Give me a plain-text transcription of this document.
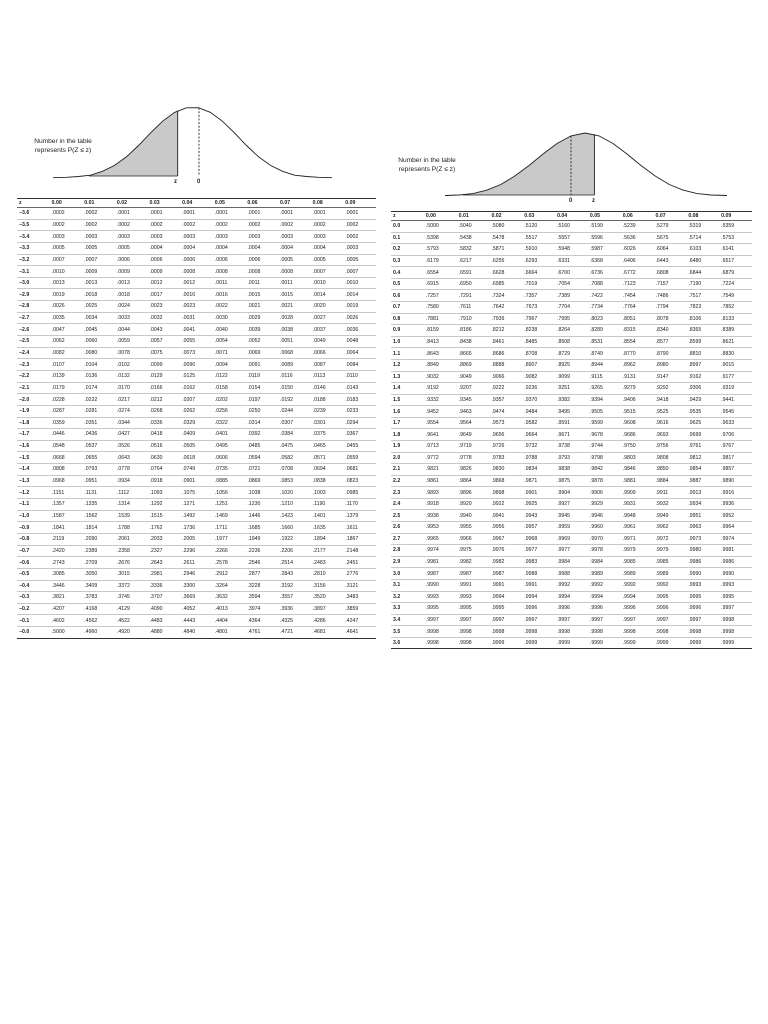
Number in the table represents P(Z ≤ z)
z	0
z	0.00	0.01	0.02	0.03	0.04	0.05	0.06	0.07	0.08	0.09
−3.6	.0002	.0002	.0001	.0001	.0001	.0001	.0001	.0001	.0001	.0001
−3.5	.0002	.0002	.0002	.0002	.0002	.0002	.0002	.0002	.0002	.0002
−3.4	.0003	.0003	.0003	.0003	.0003	.0003	.0003	.0003	.0003	.0002
−3.3	.0005	.0005	.0005	.0004	.0004	.0004	.0004	.0004	.0004	.0003
−3.2	.0007	.0007	.0006	.0006	.0006	.0006	.0006	.0005	.0005	.0005
−3.1	.0010	.0009	.0009	.0009	.0008	.0008	.0008	.0008	.0007	.0007
−3.0	.0013	.0013	.0013	.0012	.0012	.0011	.0011	.0011	.0010	.0010
−2.9	.0019	.0018	.0018	.0017	.0016	.0016	.0015	.0015	.0014	.0014
−2.8	.0026	.0025	.0024	.0023	.0023	.0022	.0021	.0021	.0020	.0019
−2.7	.0035	.0034	.0033	.0032	.0031	.0030	.0029	.0028	.0027	.0026
−2.6	.0047	.0045	.0044	.0043	.0041	.0040	.0039	.0038	.0037	.0036
−2.5	.0062	.0060	.0059	.0057	.0055	.0054	.0052	.0051	.0049	.0048
−2.4	.0082	.0080	.0078	.0075	.0073	.0071	.0069	.0068	.0066	.0064
−2.3	.0107	.0104	.0102	.0099	.0096	.0094	.0091	.0089	.0087	.0084
−2.2	.0139	.0136	.0132	.0129	.0125	.0122	.0119	.0116	.0113	.0110
−2.1	.0179	.0174	.0170	.0166	.0162	.0158	.0154	.0150	.0146	.0143
−2.0	.0228	.0222	.0217	.0212	.0207	.0202	.0197	.0192	.0188	.0183
−1.9	.0287	.0281	.0274	.0268	.0262	.0256	.0250	.0244	.0239	.0233
−1.8	.0359	.0351	.0344	.0336	.0329	.0322	.0314	.0307	.0301	.0294
−1.7	.0446	.0436	.0427	.0418	.0409	.0401	.0392	.0384	.0375	.0367
−1.6	.0548	.0537	.0526	.0516	.0505	.0495	.0485	.0475	.0465	.0455
−1.5	.0668	.0655	.0643	.0630	.0618	.0606	.0594	.0582	.0571	.0559
−1.4	.0808	.0793	.0778	.0764	.0749	.0735	.0721	.0708	.0694	.0681
−1.3	.0968	.0951	.0934	.0918	.0901	.0885	.0869	.0853	.0838	.0823
−1.2	.1151	.1131	.1112	.1093	.1075	.1056	.1038	.1020	.1003	.0985
−1.1	.1357	.1335	.1314	.1292	.1271	.1251	.1230	.1210	.1190	.1170
−1.0	.1587	.1562	.1539	.1515	.1492	.1469	.1446	.1423	.1401	.1379
−0.9	.1841	.1814	.1788	.1762	.1736	.1711	.1685	.1660	.1635	.1611
−0.8	.2119	.2090	.2061	.2033	.2005	.1977	.1949	.1922	.1894	.1867
−0.7	.2420	.2389	.2358	.2327	.2296	.2266	.2236	.2206	.2177	.2148
−0.6	.2743	.2709	.2676	.2643	.2611	.2578	.2546	.2514	.2483	.2451
−0.5	.3085	.3050	.3015	.2981	.2946	.2912	.2877	.2843	.2810	.2776
−0.4	.3446	.3409	.3372	.3336	.3300	.3264	.3228	.3192	.3156	.3121
−0.3	.3821	.3783	.3745	.3707	.3669	.3632	.3594	.3557	.3520	.3483
−0.2	.4207	.4168	.4129	.4090	.4052	.4013	.3974	.3936	.3897	.3859
−0.1	.4602	.4562	.4522	.4483	.4443	.4404	.4364	.4325	.4286	.4247
−0.0	.5000	.4960	.4920	.4880	.4840	.4801	.4761	.4721	.4681	.4641
Number in the table represents P(Z ≤ z)
0	z
z	0.00	0.01	0.02	0.03	0.04	0.05	0.06	0.07	0.08	0.09
0.0	.5000	.5040	.5080	.5120	.5160	.5199	.5239	.5279	.5319	.5359
0.1	.5398	.5438	.5478	.5517	.5557	.5596	.5636	.5675	.5714	.5753
0.2	.5793	.5832	.5871	.5910	.5948	.5987	.6026	.6064	.6103	.6141
0.3	.6179	.6217	.6255	.6293	.6331	.6368	.6406	.6443	.6480	.6517
0.4	.6554	.6591	.6628	.6664	.6700	.6736	.6772	.6808	.6844	.6879
0.5	.6915	.6950	.6985	.7019	.7054	.7088	.7123	.7157	.7190	.7224
0.6	.7257	.7291	.7324	.7357	.7389	.7422	.7454	.7486	.7517	.7549
0.7	.7580	.7611	.7642	.7673	.7704	.7734	.7764	.7794	.7823	.7852
0.8	.7881	.7910	.7939	.7967	.7995	.8023	.8051	.8078	.8106	.8133
0.9	.8159	.8186	.8212	.8238	.8264	.8289	.8315	.8340	.8365	.8389
1.0	.8413	.8438	.8461	.8485	.8508	.8531	.8554	.8577	.8599	.8621
1.1	.8643	.8665	.8686	.8708	.8729	.8749	.8770	.8790	.8810	.8830
1.2	.8849	.8869	.8888	.8907	.8925	.8944	.8962	.8980	.8997	.9015
1.3	.9032	.9049	.9066	.9082	.9099	.9115	.9131	.9147	.9162	.9177
1.4	.9192	.9207	.9222	.9236	.9251	.9265	.9279	.9292	.9306	.9319
1.5	.9332	.9345	.9357	.9370	.9382	.9394	.9406	.9418	.9429	.9441
1.6	.9452	.9463	.9474	.9484	.9495	.9505	.9515	.9525	.9535	.9545
1.7	.9554	.9564	.9573	.9582	.9591	.9599	.9608	.9616	.9625	.9633
1.8	.9641	.9649	.9656	.9664	.9671	.9678	.9686	.9693	.9699	.9706
1.9	.9713	.9719	.9726	.9732	.9738	.9744	.9750	.9756	.9761	.9767
2.0	.9772	.9778	.9783	.9788	.9793	.9798	.9803	.9808	.9812	.9817
2.1	.9821	.9826	.9830	.9834	.9838	.9842	.9846	.9850	.9854	.9857
2.2	.9861	.9864	.9868	.9871	.9875	.9878	.9881	.9884	.9887	.9890
2.3	.9893	.9896	.9898	.9901	.9904	.9906	.9909	.9911	.9913	.9916
2.4	.9918	.9920	.9922	.9925	.9927	.9929	.9931	.9932	.9934	.9936
2.5	.9938	.9940	.9941	.9943	.9945	.9946	.9948	.9949	.9951	.9952
2.6	.9953	.9955	.9956	.9957	.9959	.9960	.9961	.9962	.9963	.9964
2.7	.9965	.9966	.9967	.9968	.9969	.9970	.9971	.9972	.9973	.9974
2.8	.9974	.9975	.9976	.9977	.9977	.9978	.9979	.9979	.9980	.9981
2.9	.9981	.9982	.9982	.9983	.9984	.9984	.9985	.9985	.9986	.9986
3.0	.9987	.9987	.9987	.9988	.9988	.9989	.9989	.9989	.9990	.9990
3.1	.9990	.9991	.9991	.9991	.9992	.9992	.9992	.9992	.9993	.9993
3.2	.9993	.9993	.9994	.9994	.9994	.9994	.9994	.9995	.9995	.9995
3.3	.9995	.9995	.9995	.9996	.9996	.9996	.9996	.9996	.9996	.9997
3.4	.9997	.9997	.9997	.9997	.9997	.9997	.9997	.9997	.9997	.9998
3.5	.9998	.9998	.9998	.9998	.9998	.9998	.9998	.9998	.9998	.9998
3.6	.9998	.9998	.9999	.9999	.9999	.9999	.9999	.9999	.9999	.9999
